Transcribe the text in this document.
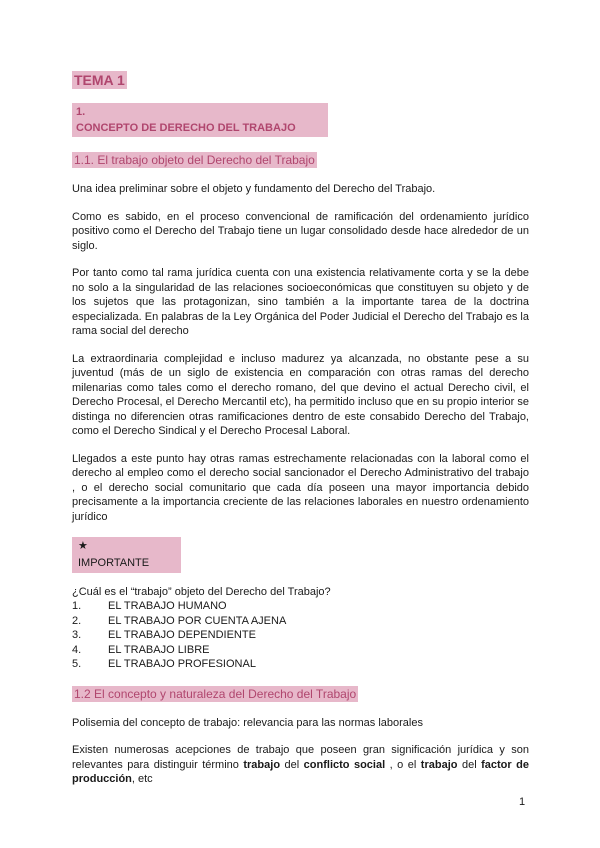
TEMA 1
1.CONCEPTO DE DERECHO DEL TRABAJO
1.1. El trabajo objeto del Derecho del Trabajo

Una idea preliminar sobre el objeto y fundamento del Derecho del Trabajo.

Como es sabido, en el proceso convencional de ramificación del ordenamiento jurídico positivo como el Derecho del Trabajo tiene un lugar consolidado desde hace alrededor de un siglo.

Por tanto como tal rama jurídica cuenta con una existencia relativamente corta y se la debe no solo a la singularidad de las relaciones socioeconómicas que constituyen su objeto y de los sujetos que las protagonizan, sino también a la importante tarea de la doctrina especializada. En palabras de la Ley Orgánica del Poder Judicial el Derecho del Trabajo es la rama social del derecho

La extraordinaria complejidad e incluso madurez ya alcanzada, no obstante pese a su juventud (más de un siglo de existencia en comparación con otras ramas del derecho milenarias como tales como el derecho romano, del que devino el actual Derecho civil, el Derecho Procesal, el Derecho Mercantil etc), ha permitido incluso que en su propio interior se distinga no diferencien otras ramificaciones dentro de este consabido Derecho del Trabajo, como el Derecho Sindical y el Derecho Procesal Laboral.

Llegados a este punto hay otras ramas estrechamente relacionadas con la laboral como el derecho al empleo como el derecho social sancionador el Derecho Administrativo del trabajo , o el derecho social comunitario que cada día poseen una mayor importancia debido precisamente a la importancia creciente de las relaciones laborales en nuestro ordenamiento jurídico

★IMPORTANTE
¿Cuál es el “trabajo” objeto del Derecho del Trabajo?
1.	EL TRABAJO HUMANO
2.	EL TRABAJO POR CUENTA AJENA
3.	EL TRABAJO DEPENDIENTE
4.	EL TRABAJO LIBRE
5.	EL TRABAJO PROFESIONAL
1.2 El concepto y naturaleza del Derecho del Trabajo

Polisemia del concepto de trabajo: relevancia para las normas laborales

Existen numerosas acepciones de trabajo que poseen gran significación jurídica y son relevantes para distinguir término trabajo del conflicto social , o el trabajo del factor de producción, etc

1
